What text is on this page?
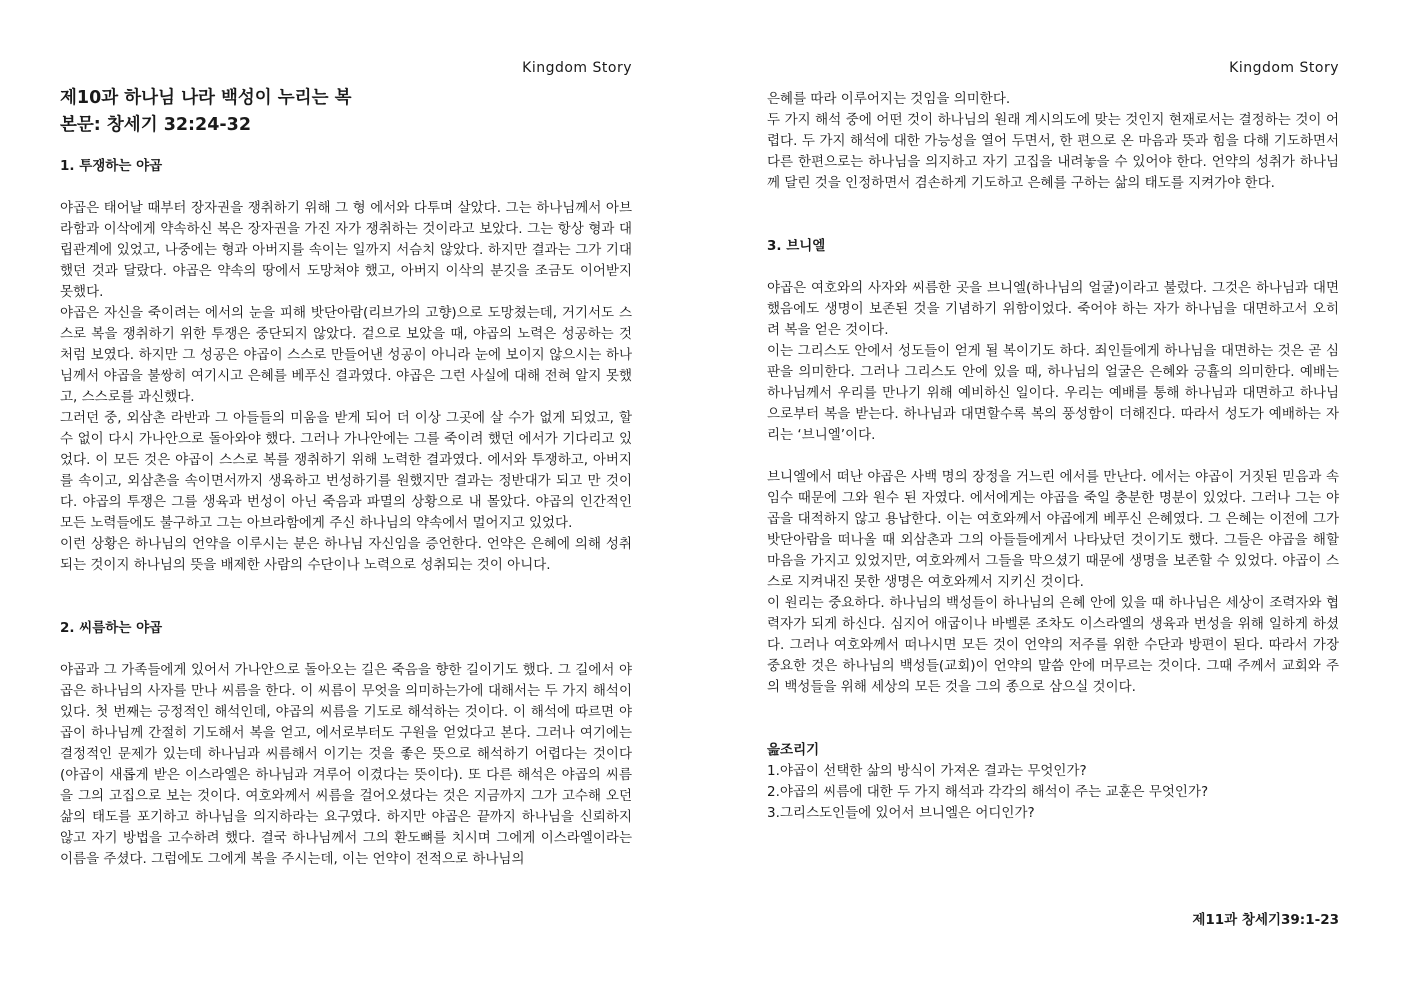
Kingdom Story
제10과 하나님 나라 백성이 누리는 복
본문: 창세기 32:24-32
1. 투쟁하는 야곱

야곱은 태어날 때부터 장자권을 쟁취하기 위해 그 형 에서와 다투며 살았다. 그는 하나님께서 아브라함과 이삭에게 약속하신 복은 장자권을 가진 자가 쟁취하는 것이라고 보았다. 그는 항상 형과 대립관계에 있었고, 나중에는 형과 아버지를 속이는 일까지 서슴치 않았다. 하지만 결과는 그가 기대했던 것과 달랐다. 야곱은 약속의 땅에서 도망쳐야 했고, 아버지 이삭의 분깃을 조금도 이어받지 못했다.

야곱은 자신을 죽이려는 에서의 눈을 피해 밧단아람(리브가의 고향)으로 도망쳤는데, 거기서도 스스로 복을 쟁취하기 위한 투쟁은 중단되지 않았다. 겉으로 보았을 때, 야곱의 노력은 성공하는 것처럼 보였다. 하지만 그 성공은 야곱이 스스로 만들어낸 성공이 아니라 눈에 보이지 않으시는 하나님께서 야곱을 불쌍히 여기시고 은혜를 베푸신 결과였다. 야곱은 그런 사실에 대해 전혀 알지 못했고, 스스로를 과신했다.

그러던 중, 외삼촌 라반과 그 아들들의 미움을 받게 되어 더 이상 그곳에 살 수가 없게 되었고, 할 수 없이 다시 가나안으로 돌아와야 했다. 그러나 가나안에는 그를 죽이려 했던 에서가 기다리고 있었다. 이 모든 것은 야곱이 스스로 복를 쟁취하기 위해 노력한 결과였다. 에서와 투쟁하고, 아버지를 속이고, 외삼촌을 속이면서까지 생육하고 번성하기를 원했지만 결과는 정반대가 되고 만 것이다. 야곱의 투쟁은 그를 생육과 번성이 아닌 죽음과 파멸의 상황으로 내 몰았다. 야곱의 인간적인 모든 노력들에도 불구하고 그는 아브라함에게 주신 하나님의 약속에서 멀어지고 있었다.

이런 상황은 하나님의 언약을 이루시는 분은 하나님 자신임을 증언한다. 언약은 은혜에 의해 성취되는 것이지 하나님의 뜻을 배제한 사람의 수단이나 노력으로 성취되는 것이 아니다.

2. 씨름하는 야곱

야곱과 그 가족들에게 있어서 가나안으로 돌아오는 길은 죽음을 향한 길이기도 했다. 그 길에서 야곱은 하나님의 사자를 만나 씨름을 한다. 이 씨름이 무엇을 의미하는가에 대해서는 두 가지 해석이 있다. 첫 번째는 긍정적인 해석인데, 야곱의 씨름을 기도로 해석하는 것이다. 이 해석에 따르면 야곱이 하나님께 간절히 기도해서 복을 얻고, 에서로부터도 구원을 얻었다고 본다. 그러나 여기에는 결정적인 문제가 있는데 하나님과 씨름해서 이기는 것을 좋은 뜻으로 해석하기 어렵다는 것이다(야곱이 새롭게 받은 이스라엘은 하나님과 겨루어 이겼다는 뜻이다). 또 다른 해석은 야곱의 씨름을 그의 고집으로 보는 것이다. 여호와께서 씨름을 걸어오셨다는 것은 지금까지 그가 고수해 오던 삶의 태도를 포기하고 하나님을 의지하라는 요구였다. 하지만 야곱은 끝까지 하나님을 신뢰하지 않고 자기 방법을 고수하려 했다. 결국 하나님께서 그의 환도뼈를 치시며 그에게 이스라엘이라는 이름을 주셨다. 그럼에도 그에게 복을 주시는데, 이는 언약이 전적으로 하나님의

Kingdom Story

은혜를 따라 이루어지는 것임을 의미한다.

두 가지 해석 중에 어떤 것이 하나님의 원래 계시의도에 맞는 것인지 현재로서는 결정하는 것이 어렵다. 두 가지 해석에 대한 가능성을 열어 두면서, 한 편으로 온 마음과 뜻과 힘을 다해 기도하면서 다른 한편으로는 하나님을 의지하고 자기 고집을 내려놓을 수 있어야 한다. 언약의 성취가 하나님께 달린 것을 인정하면서 겸손하게 기도하고 은혜를 구하는 삶의 태도를 지켜가야 한다.

3. 브니엘

야곱은 여호와의 사자와 씨름한 곳을 브니엘(하나님의 얼굴)이라고 불렀다. 그것은 하나님과 대면했음에도 생명이 보존된 것을 기념하기 위함이었다. 죽어야 하는 자가 하나님을 대면하고서 오히려 복을 얻은 것이다.

이는 그리스도 안에서 성도들이 얻게 될 복이기도 하다. 죄인들에게 하나님을 대면하는 것은 곧 심판을 의미한다. 그러나 그리스도 안에 있을 때, 하나님의 얼굴은 은혜와 긍휼의 의미한다. 예배는 하나님께서 우리를 만나기 위해 예비하신 일이다. 우리는 예배를 통해 하나님과 대면하고 하나님으로부터 복을 받는다. 하나님과 대면할수록 복의 풍성함이 더해진다. 따라서 성도가 예배하는 자리는 ‘브니엘’이다.

브니엘에서 떠난 야곱은 사백 명의 장정을 거느린 에서를 만난다. 에서는 야곱이 거짓된 믿음과 속임수 때문에 그와 원수 된 자였다. 에서에게는 야곱을 죽일 충분한 명분이 있었다. 그러나 그는 야곱을 대적하지 않고 용납한다. 이는 여호와께서 야곱에게 베푸신 은혜였다. 그 은혜는 이전에 그가 밧단아람을 떠나올 때 외삼촌과 그의 아들들에게서 나타났던 것이기도 했다. 그들은 야곱을 해할 마음을 가지고 있었지만, 여호와께서 그들을 막으셨기 때문에 생명을 보존할 수 있었다. 야곱이 스스로 지켜내진 못한 생명은 여호와께서 지키신 것이다.

이 원리는 중요하다. 하나님의 백성들이 하나님의 은혜 안에 있을 때 하나님은 세상이 조력자와 협력자가 되게 하신다. 심지어 애굽이나 바벨론 조차도 이스라엘의 생육과 번성을 위해 일하게 하셨다. 그러나 여호와께서 떠나시면 모든 것이 언약의 저주를 위한 수단과 방편이 된다. 따라서 가장 중요한 것은 하나님의 백성들(교회)이 언약의 말씀 안에 머무르는 것이다. 그때 주께서 교회와 주의 백성들을 위해 세상의 모든 것을 그의 종으로 삼으실 것이다.

읊조리기
1.야곱이 선택한 삶의 방식이 가져온 결과는 무엇인가?
2.야곱의 씨름에 대한 두 가지 해석과 각각의 해석이 주는 교훈은 무엇인가?
3.그리스도인들에 있어서 브니엘은 어디인가?
제11과 창세기39:1-23
